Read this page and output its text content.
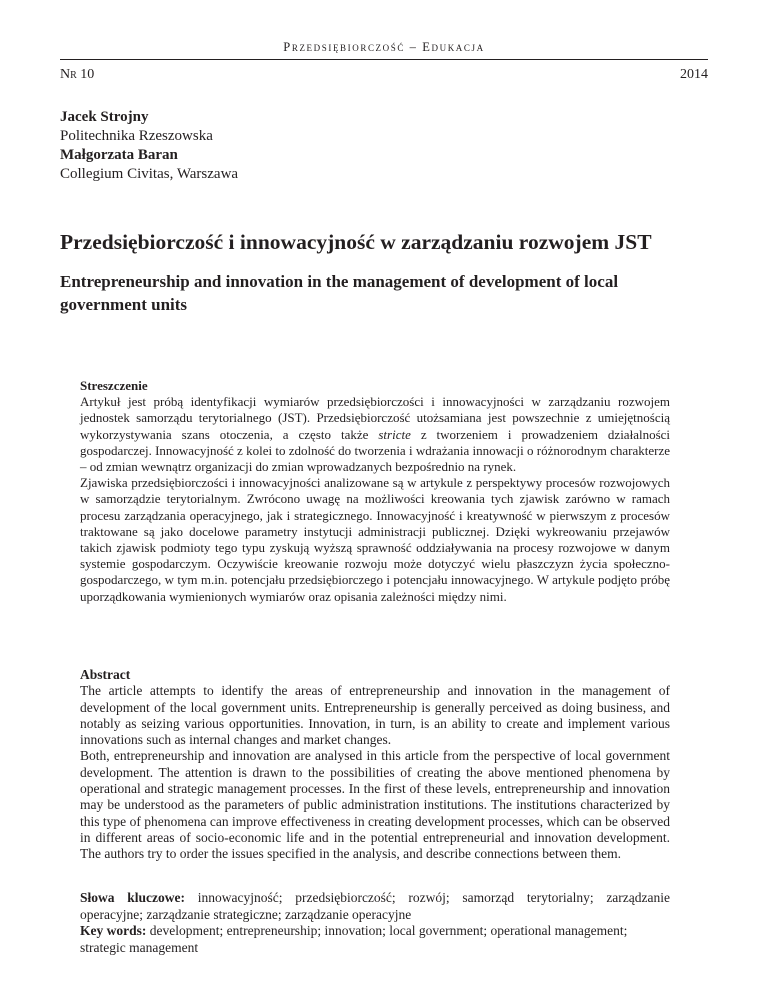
Przedsiębiorczość – Edukacja
Nr 10	2014
Jacek Strojny
Politechnika Rzeszowska
Małgorzata Baran
Collegium Civitas, Warszawa
Przedsiębiorczość i innowacyjność w zarządzaniu rozwojem JST
Entrepreneurship and innovation in the management of development of local government units
Streszczenie

Artykuł jest próbą identyfikacji wymiarów przedsiębiorczości i innowacyjności w zarządzaniu rozwojem jednostek samorządu terytorialnego (JST). Przedsiębiorczość utożsamiana jest powszechnie z umiejętnością wykorzystywania szans otoczenia, a często także stricte z tworzeniem i prowadzeniem działalności gospodarczej. Innowacyjność z kolei to zdolność do tworzenia i wdrażania innowacji o różnorodnym charakterze – od zmian wewnątrz organizacji do zmian wprowadzanych bezpośrednio na rynek.

Zjawiska przedsiębiorczości i innowacyjności analizowane są w artykule z perspektywy procesów rozwojowych w samorządzie terytorialnym. Zwrócono uwagę na możliwości kreowania tych zjawisk zarówno w ramach procesu zarządzania operacyjnego, jak i strategicznego. Innowacyjność i kreatywność w pierwszym z procesów traktowane są jako docelowe parametry instytucji administracji publicznej. Dzięki wykreowaniu przejawów takich zjawisk podmioty tego typu zyskują wyższą sprawność oddziaływania na procesy rozwojowe w danym systemie gospodarczym. Oczywiście kreowanie rozwoju może dotyczyć wielu płaszczyzn życia społeczno-gospodarczego, w tym m.in. potencjału przedsiębiorczego i potencjału innowacyjnego. W artykule podjęto próbę uporządkowania wymienionych wymiarów oraz opisania zależności między nimi.

Abstract

The article attempts to identify the areas of entrepreneurship and innovation in the management of development of the local government units. Entrepreneurship is generally perceived as doing business, and notably as seizing various opportunities. Innovation, in turn, is an ability to create and implement various innovations such as internal changes and market changes.

Both, entrepreneurship and innovation are analysed in this article from the perspective of local government development. The attention is drawn to the possibilities of creating the above mentioned phenomena by operational and strategic management processes. In the first of these levels, entrepreneurship and innovation may be understood as the parameters of public administration institutions. The institutions characterized by this type of phenomena can improve effectiveness in creating development processes, which can be observed in different areas of socio-economic life and in the potential entrepreneurial and innovation development. The authors try to order the issues specified in the analysis, and describe connections between them.

Słowa kluczowe: innowacyjność; przedsiębiorczość; rozwój; samorząd terytorialny; zarządzanie operacyjne; zarządzanie strategiczne; zarządzanie operacyjne

Key words: development; entrepreneurship; innovation; local government; operational management; strategic management
